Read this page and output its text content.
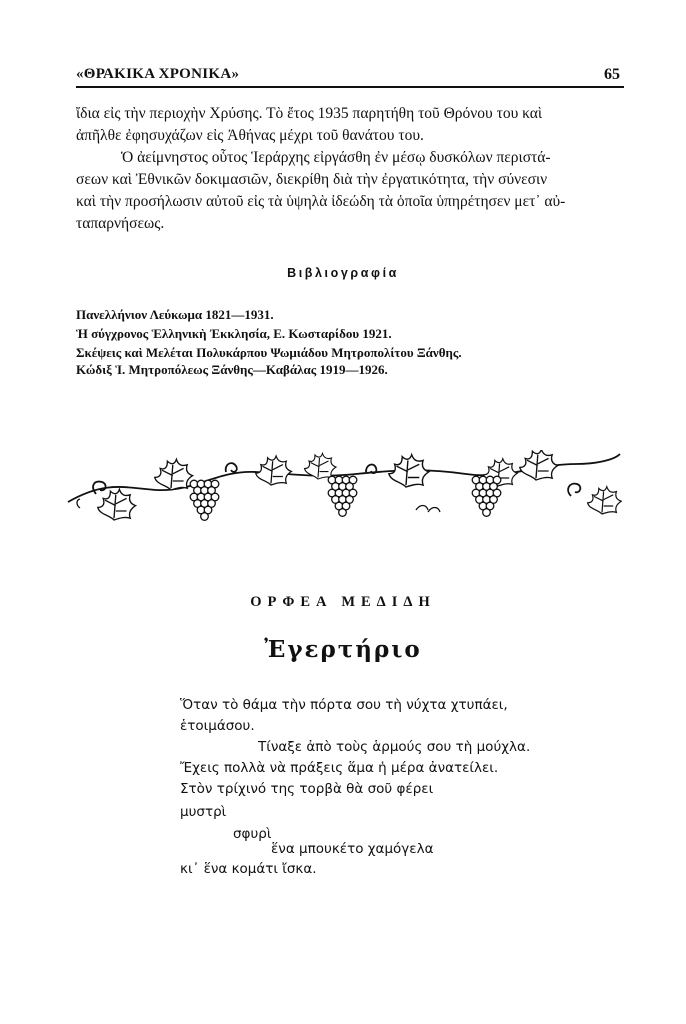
«ΘΡΑΚΙΚΑ ΧΡΟΝΙΚΑ»	65
ἴδια εἰς τὴν περιοχὴν Χρύσης. Τὸ ἔτος 1935 παρητήθη τοῦ Θρόνου του καὶ
ἀπῆλθε ἐφησυχάζων εἰς Ἀθήνας μέχρι τοῦ θανάτου του.
Ὁ ἀείμνηστος οὗτος Ἱεράρχης εἰργάσθη ἐν μέσῳ δυσκόλων περιστά-
σεων καὶ Ἐθνικῶν δοκιμασιῶν, διεκρίθη διὰ τὴν ἐργατικότητα, τὴν σύνεσιν
καὶ τὴν προσήλωσιν αὐτοῦ εἰς τὰ ὑψηλὰ ἰδεώδη τὰ ὁποῖα ὑπηρέτησεν μετ᾽ αὐ-
ταπαρνήσεως.
Βιβλιογραφία
Πανελλήνιον Λεύκωμα 1821—1931.
Ἡ σύγχρονος Ἑλληνικὴ Ἐκκλησία, Ε. Κωσταρίδου 1921.
Σκέψεις καὶ Μελέται Πολυκάρπου Ψωμιάδου Μητροπολίτου Ξάνθης.
Κώδιξ Ἱ. Μητροπόλεως Ξάνθης—Καβάλας 1919—1926.
ΟΡΦΕΑ ΜΕΔΙΔΗ
Ἐγερτήριο
Ὅταν τὸ θάμα τὴν πόρτα σου τὴ νύχτα χτυπάει,
ἑτοιμάσου.
Τίναξε ἀπὸ τοὺς ἁρμούς σου τὴ μούχλα.
Ἔχεις πολλὰ νὰ πράξεις ἅμα ἡ μέρα ἀνατείλει.
Στὸν τρίχινό της τορβὰ θὰ σοῦ φέρει
μυστρὶ
σφυρὶ
ἕνα μπουκέτο χαμόγελα
κι᾽ ἕνα κομάτι ἴσκα.
